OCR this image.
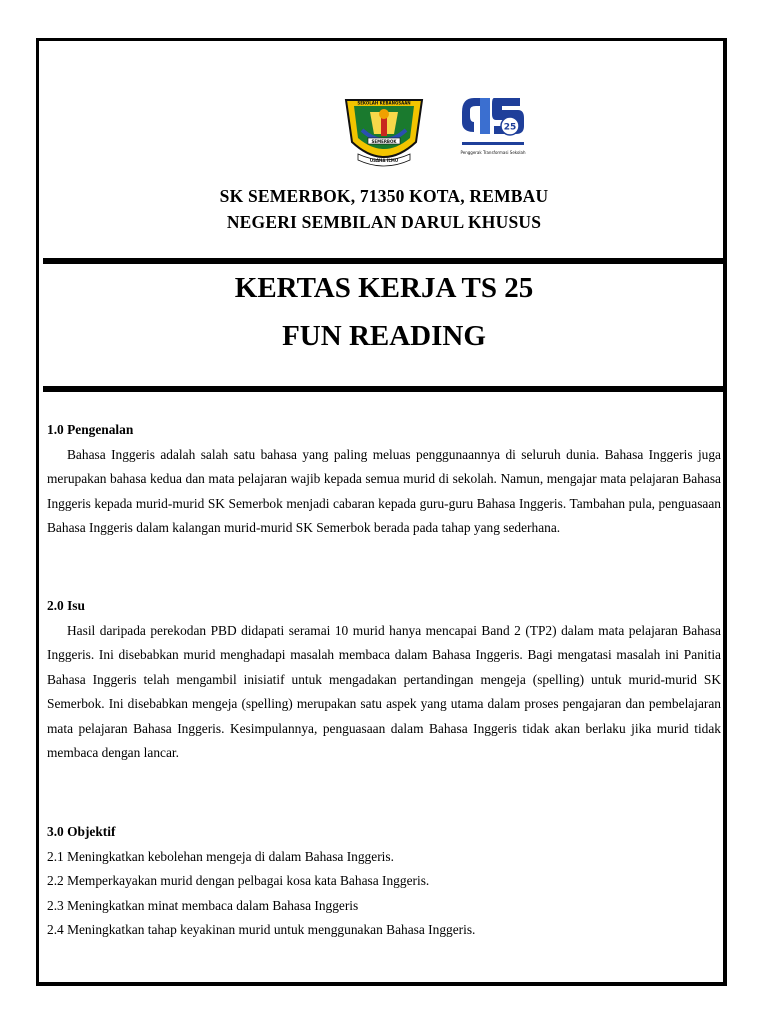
SEKOLAH KEBANGSAAN
SEMERBOK
USAHA ILMU
25
Penggerak Transformasi Sekolah
SK SEMERBOK, 71350 KOTA, REMBAU
NEGERI SEMBILAN DARUL KHUSUS
KERTAS KERJA TS 25
FUN READING
1.0 Pengenalan

Bahasa Inggeris adalah salah satu bahasa yang paling meluas penggunaannya di seluruh dunia. Bahasa Inggeris juga merupakan bahasa kedua dan mata pelajaran wajib kepada semua murid di sekolah. Namun, mengajar mata pelajaran Bahasa Inggeris kepada murid-murid SK Semerbok menjadi cabaran kepada guru-guru Bahasa Inggeris. Tambahan pula, penguasaan Bahasa Inggeris dalam kalangan murid-murid SK Semerbok berada pada tahap yang sederhana.

2.0 Isu

Hasil daripada perekodan PBD didapati seramai 10 murid hanya mencapai Band 2 (TP2) dalam mata pelajaran Bahasa Inggeris. Ini disebabkan murid menghadapi masalah membaca dalam Bahasa Inggeris. Bagi mengatasi masalah ini Panitia Bahasa Inggeris telah mengambil inisiatif untuk mengadakan pertandingan mengeja (spelling) untuk murid-murid SK Semerbok. Ini disebabkan mengeja (spelling) merupakan satu aspek yang utama dalam proses pengajaran dan pembelajaran mata pelajaran Bahasa Inggeris. Kesimpulannya, penguasaan dalam Bahasa Inggeris tidak akan berlaku jika murid tidak membaca dengan lancar.

3.0 Objektif

2.1 Meningkatkan kebolehan mengeja di dalam Bahasa Inggeris.

2.2 Memperkayakan murid dengan pelbagai kosa kata Bahasa Inggeris.

2.3 Meningkatkan minat membaca dalam Bahasa Inggeris

2.4 Meningkatkan tahap keyakinan murid untuk menggunakan Bahasa Inggeris.
